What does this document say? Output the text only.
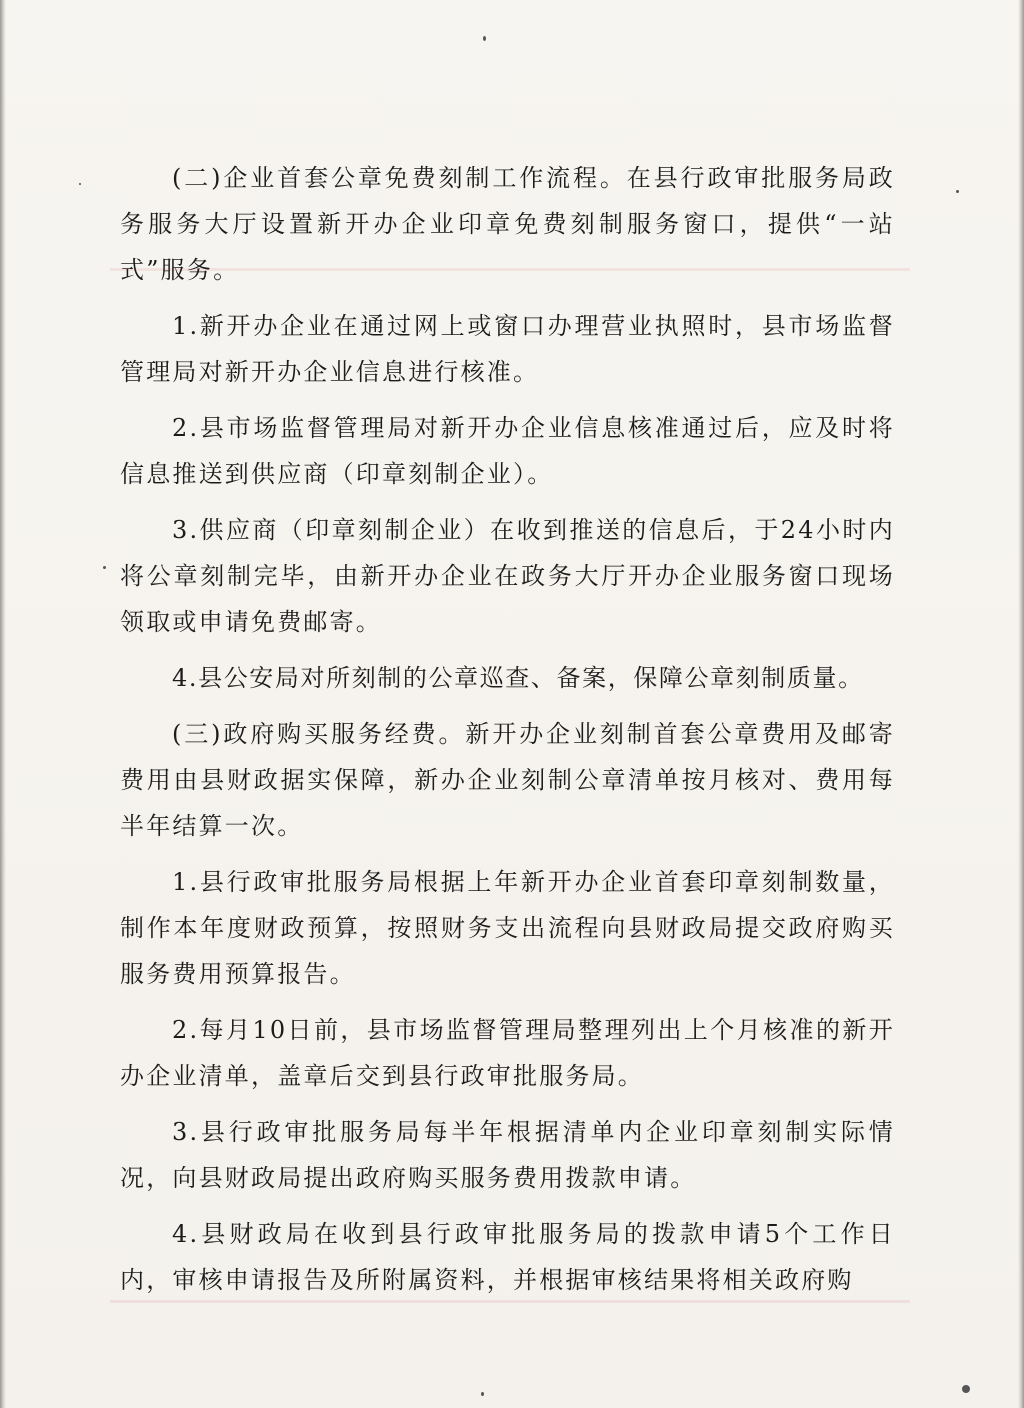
(二)企业首套公章免费刻制工作流程。在县行政审批服务局政务服务大厅设置新开办企业印章免费刻制服务窗口，提供“一站式”服务。

1.新开办企业在通过网上或窗口办理营业执照时，县市场监督管理局对新开办企业信息进行核准。

2.县市场监督管理局对新开办企业信息核准通过后，应及时将信息推送到供应商（印章刻制企业）。

3.供应商（印章刻制企业）在收到推送的信息后，于24小时内将公章刻制完毕，由新开办企业在政务大厅开办企业服务窗口现场领取或申请免费邮寄。

4.县公安局对所刻制的公章巡查、备案，保障公章刻制质量。

(三)政府购买服务经费。新开办企业刻制首套公章费用及邮寄费用由县财政据实保障，新办企业刻制公章清单按月核对、费用每半年结算一次。

1.县行政审批服务局根据上年新开办企业首套印章刻制数量，制作本年度财政预算，按照财务支出流程向县财政局提交政府购买服务费用预算报告。

2.每月10日前，县市场监督管理局整理列出上个月核准的新开办企业清单，盖章后交到县行政审批服务局。

3.县行政审批服务局每半年根据清单内企业印章刻制实际情况，向县财政局提出政府购买服务费用拨款申请。

4.县财政局在收到县行政审批服务局的拨款申请5个工作日内，审核申请报告及所附属资料，并根据审核结果将相关政府购
